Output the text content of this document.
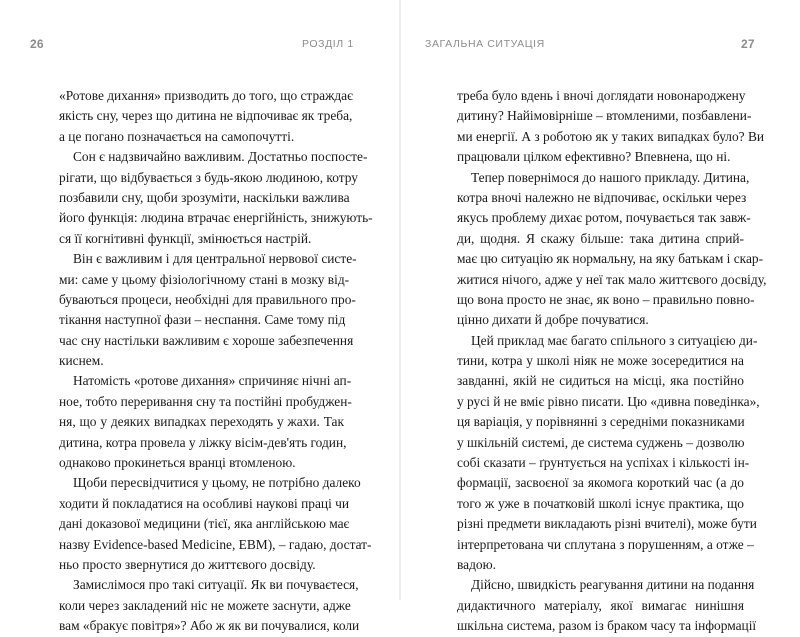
26	РОЗДІЛ 1
«Ротове дихання» призводить до того, що страждає
якість сну, через що дитина не відпочиває як треба,
а це погано позначається на самопочутті.
Сон є надзвичайно важливим. Достатньо поспосте-
рігати, що відбувається з будь-якою людиною, котру
позбавили сну, щоби зрозуміти, наскільки важлива
його функція: людина втрачає енергійність, знижують-
ся її когнітивні функції, змінюється настрій.
Він є важливим і для центральної нервової систе-
ми: саме у цьому фізіологічному стані в мозку від-
буваються процеси, необхідні для правильного про-
тікання наступної фази – неспання. Саме тому під
час сну настільки важливим є хороше забезпечення
киснем.
Натомість «ротове дихання» спричиняє нічні ап-
ное, тобто переривання сну та постійні пробуджен-
ня, що у деяких випадках переходять у жахи. Так
дитина, котра провела у ліжку вісім-дев'ять годин,
однаково прокинеться вранці втомленою.
Щоби пересвідчитися у цьому, не потрібно далеко
ходити й покладатися на особливі наукові праці чи
дані доказової медицини (тієї, яка англійською має
назву Evidence-based Medicine, EBM), – гадаю, достат-
ньо просто звернутися до життєвого досвіду.
Замислімося про такі ситуації. Як ви почуваєтеся,
коли через закладений ніс не можете заснути, адже
вам «бракує повітря»? Або ж як ви почувалися, коли
ЗАГАЛЬНА СИТУАЦІЯ	27
треба було вдень і вночі доглядати новонароджену
дитину? Найімовірніше – втомленими, позбавлени-
ми енергії. А з роботою як у таких випадках було? Ви
працювали цілком ефективно? Впевнена, що ні.
Тепер повернімося до нашого прикладу. Дитина,
котра вночі належно не відпочиває, оскільки через
якусь проблему дихає ротом, почувається так завж-
ди, щодня. Я скажу більше: така дитина сприй-
має цю ситуацію як нормальну, на яку батькам і скар-
житися нічого, адже у неї так мало життєвого досвіду,
що вона просто не знає, як воно – правильно повно-
цінно дихати й добре почуватися.
Цей приклад має багато спільного з ситуацією ди-
тини, котра у школі ніяк не може зосередитися на
завданні, якій не сидиться на місці, яка постійно
у русі й не вміє рівно писати. Цю «дивна поведінка»,
ця варіація, у порівнянні з середніми показниками
у шкільній системі, де система суджень – дозволю
собі сказати – ґрунтується на успіхах і кількості ін-
формації, засвоєної за якомога короткий час (а до
того ж уже в початковій школі існує практика, що
різні предмети викладають різні вчителі), може бути
інтерпретована чи сплутана з порушенням, а отже –
вадою.
Дійсно, швидкість реагування дитини на подання
дидактичного матеріалу, якої вимагає нинішня
шкільна система, разом із браком часу та інформації
